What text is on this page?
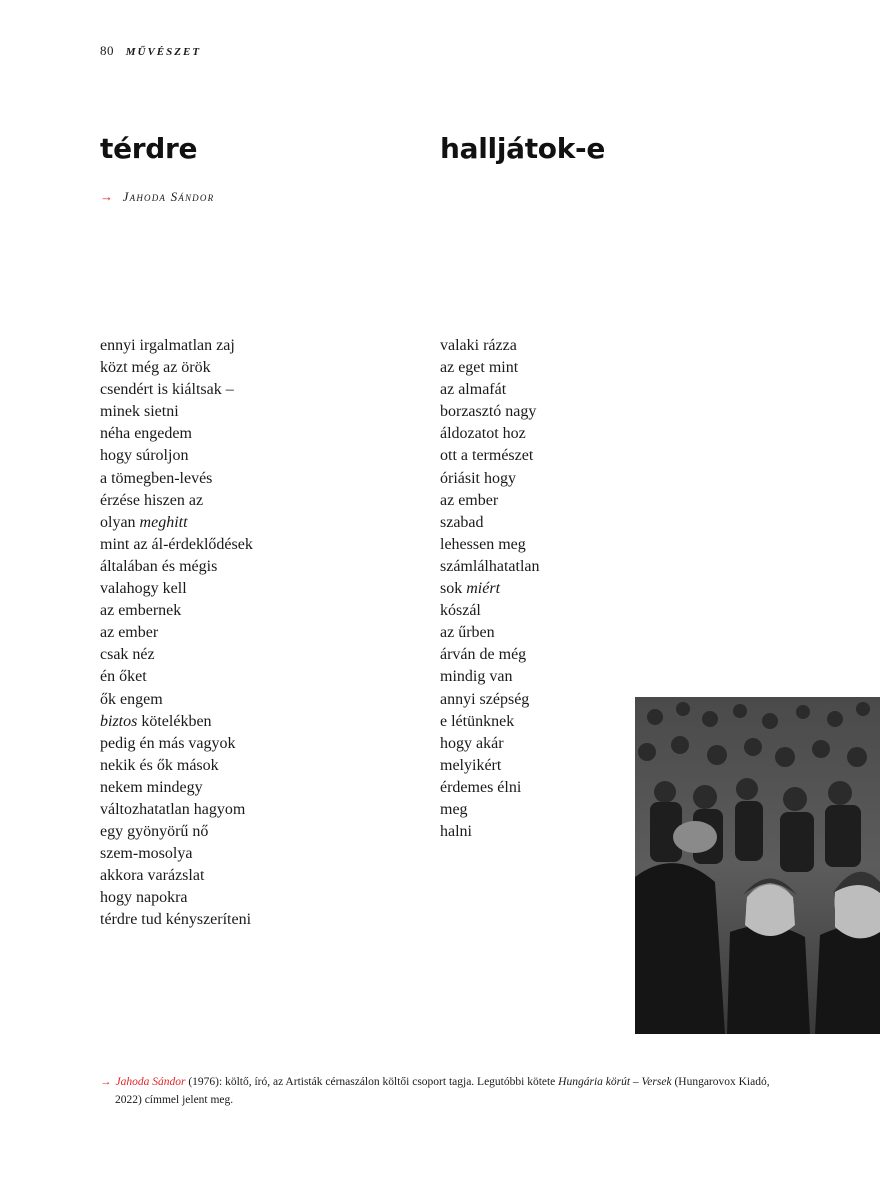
80 MŰVÉSZET
térdre	halljátok-e
→ Jahoda Sándor
ennyi irgalmatlan zaj
közt még az örök
csendért is kiáltsak –
minek sietni
néha engedem
hogy súroljon
a tömegben-levés
érzése hiszen az
olyan meghitt
mint az ál-érdeklődések
általában és mégis
valahogy kell
az embernek
az ember
csak néz
én őket
ők engem
biztos kötelékben
pedig én más vagyok
nekik és ők mások
nekem mindegy
változhatatlan hagyom
egy gyönyörű nő
szem-mosolya
akkora varázslat
hogy napokra
térdre tud kényszeríteni
valaki rázza
az eget mint
az almafát
borzasztó nagy
áldozatot hoz
ott a természet
óriásit hogy
az ember
szabad
lehessen meg
számlálhatatlan
sok miért
kószál
az űrben
árván de még
mindig van
annyi szépség
e létünknek
hogy akár
melyikért
érdemes élni
meg
halni
→ Jahoda Sándor (1976): költő, író, az Artisták cérnaszálon költői csoport tagja. Legutóbbi kötete Hungária körút – Versek (Hungarovox Kiadó,
2022) címmel jelent meg.
